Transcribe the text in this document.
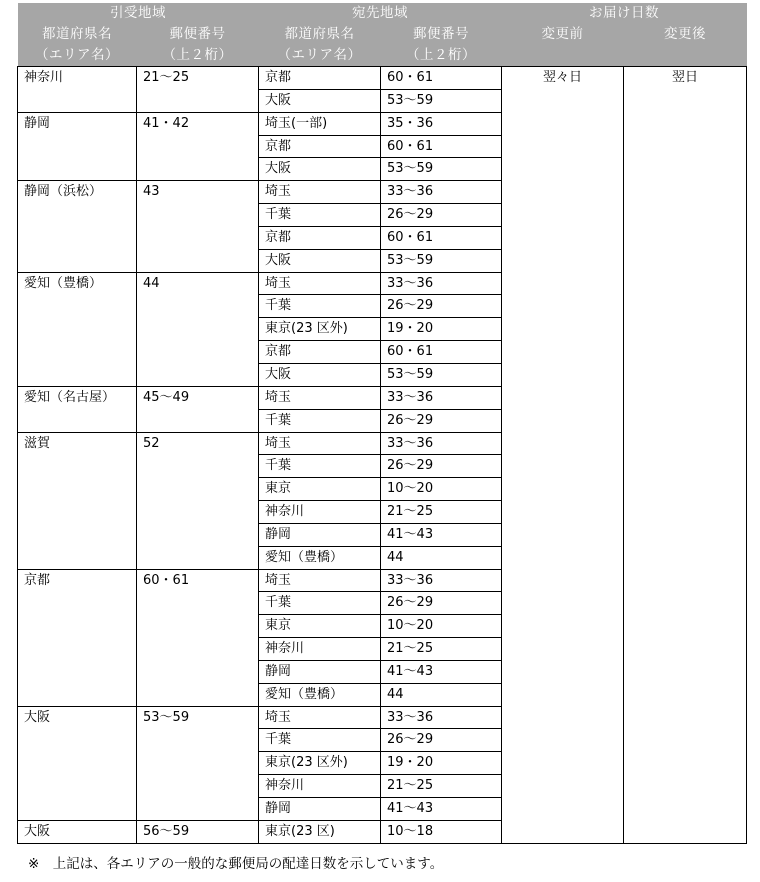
引受地域		宛先地域		お届け日数	
都道府県名	郵便番号	都道府県名	郵便番号	変更前	変更後
（エリア名）	（上２桁）	（エリア名）	（上２桁）		
神奈川	21～25	京都	60・61	翌々日	翌日
		大阪	53～59		
静岡	41・42	埼玉(一部)	35・36		
		京都	60・61		
		大阪	53～59		
静岡（浜松）	43	埼玉	33～36		
		千葉	26～29		
		京都	60・61		
		大阪	53～59		
愛知（豊橋）	44	埼玉	33～36		
		千葉	26～29		
		東京(23 区外)	19・20		
		京都	60・61		
		大阪	53～59		
愛知（名古屋）	45～49	埼玉	33～36		
		千葉	26～29		
滋賀	52	埼玉	33～36		
		千葉	26～29		
		東京	10～20		
		神奈川	21～25		
		静岡	41～43		
		愛知（豊橋）	44		
京都	60・61	埼玉	33～36		
		千葉	26～29		
		東京	10～20		
		神奈川	21～25		
		静岡	41～43		
		愛知（豊橋）	44		
大阪	53～59	埼玉	33～36		
		千葉	26～29		
		東京(23 区外)	19・20		
		神奈川	21～25		
		静岡	41～43		
大阪	56～59	東京(23 区)	10～18		
※　上記は、各エリアの一般的な郵便局の配達日数を示しています。
